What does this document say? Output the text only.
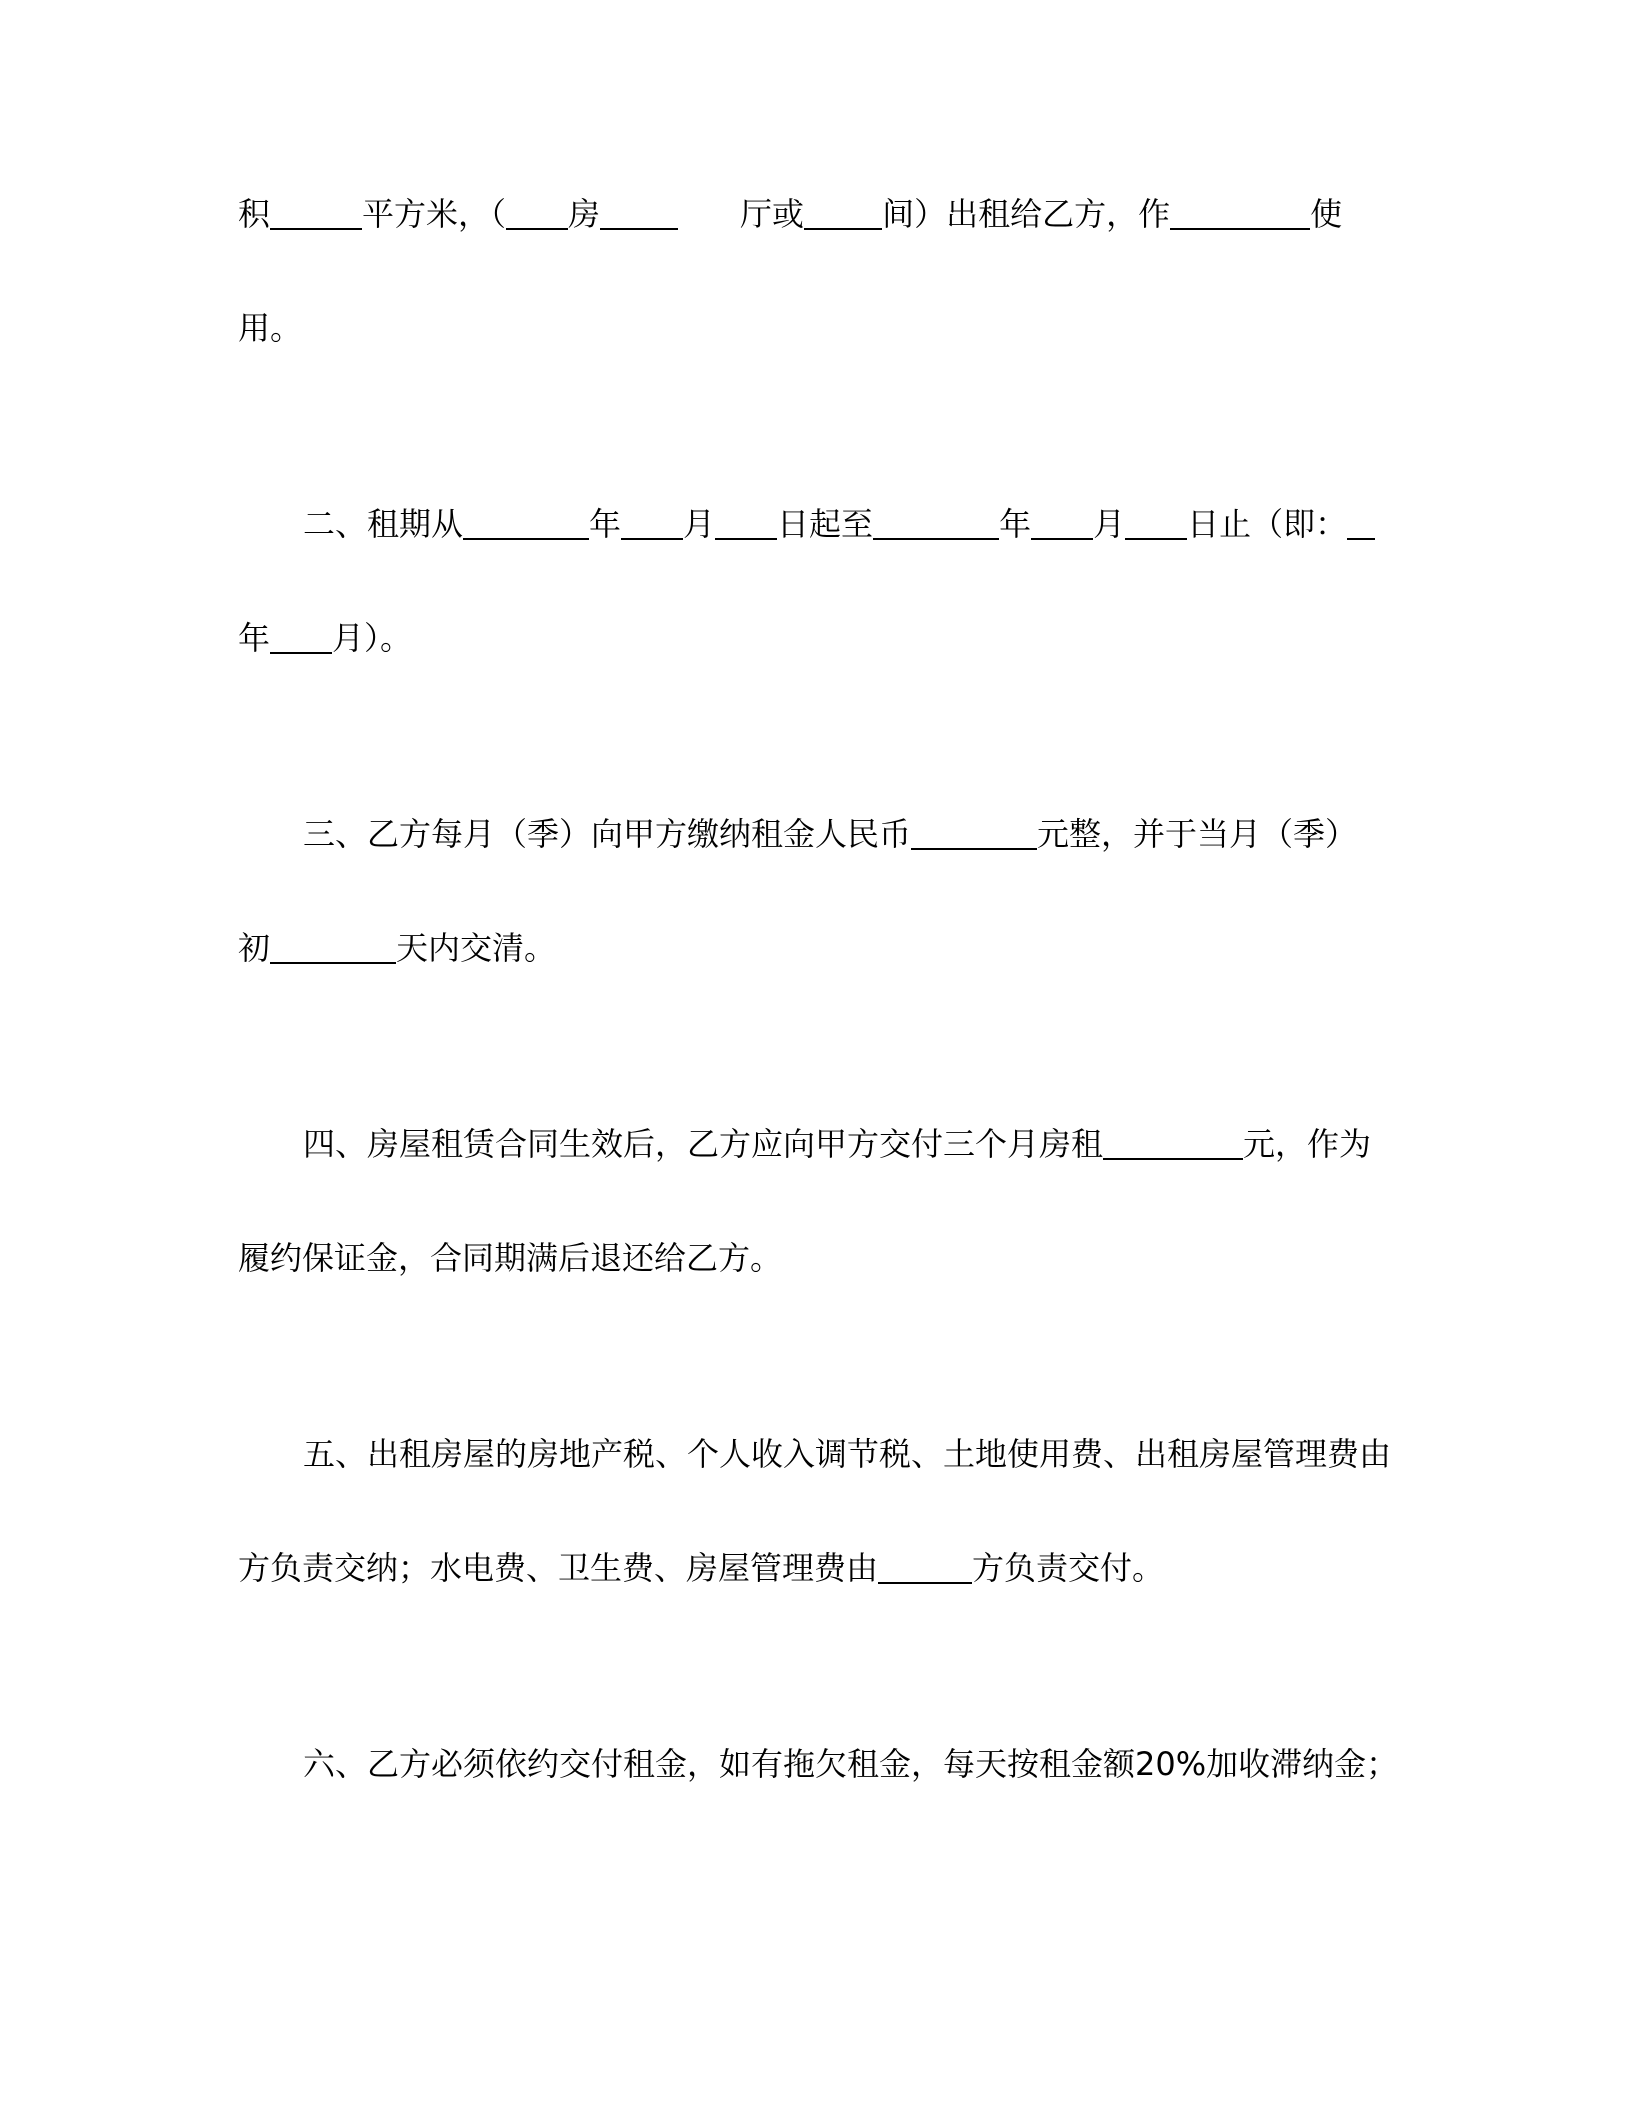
积	平方米，（ 房	厅或 间）出租给乙方，作	使
用。
二、租期从	年 月 日起至	年 月 日止（即：
年 月）。
三、乙方每月（季）向甲方缴纳租金人民币	元整，并于当月（季）
初	天内交清。
四、房屋租赁合同生效后，乙方应向甲方交付三个月房租	元，作为
履约保证金，合同期满后退还给乙方。
五、出租房屋的房地产税、个人收入调节税、土地使用费、出租房屋管理费由
方负责交纳；水电费、卫生费、房屋管理费由	方负责交付。
六、乙方必须依约交付租金，如有拖欠租金，每天按租金额20%加收滞纳金；
